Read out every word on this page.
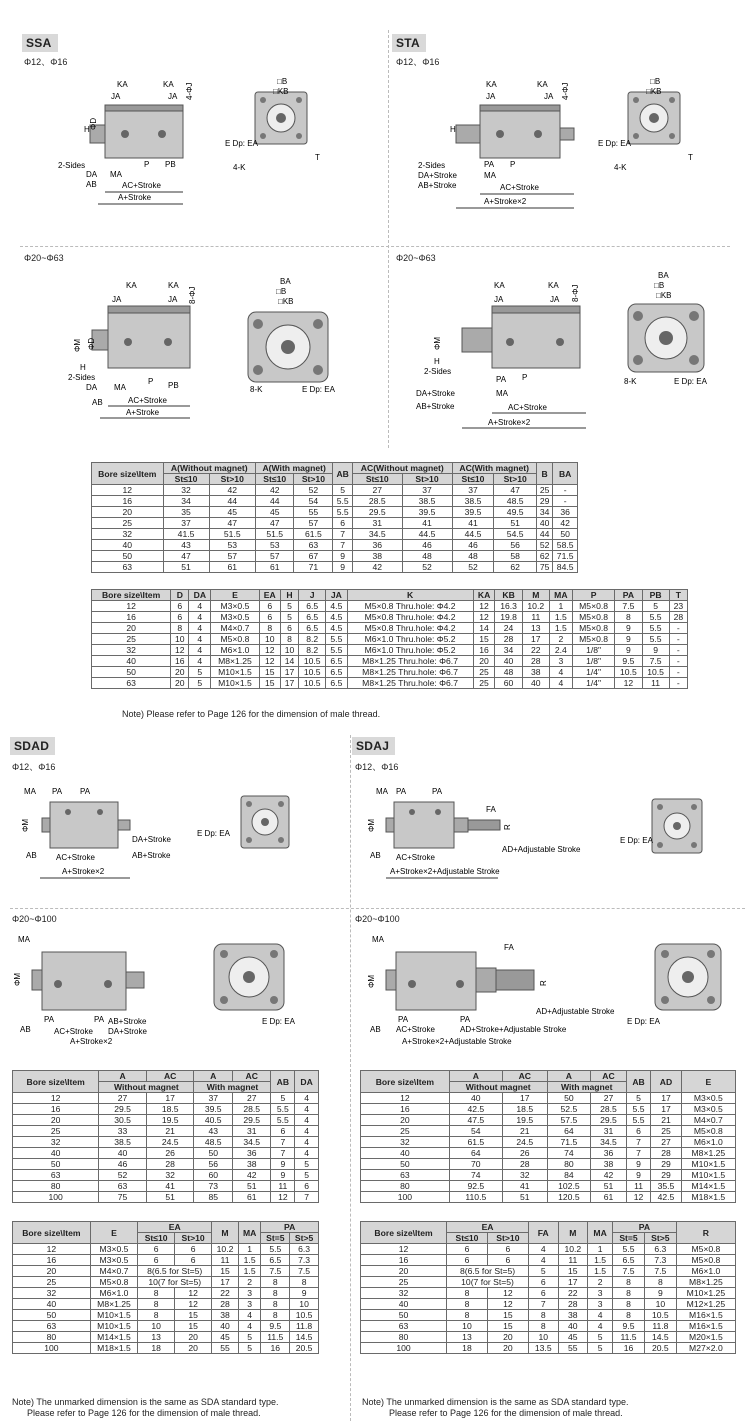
SSA	STA
Φ12、Φ16	Φ12、Φ16
Φ20~Φ63	Φ20~Φ63
KA
JA
KA
JA 4-ΦJ
H ΦD
2-Sides
DA MA
AB
P PB
AC+Stroke
A+Stroke
□B
□KB
E Dp: EA
4-K
T
KA
JA
KA
JA 4-ΦJ
H
2-Sides
DA+Stroke
AB+Stroke
PA P
MA
AC+Stroke
A+Stroke×2
□B
□KB
E Dp: EA
4-K
T
KA
JA
KA
JA 8-ΦJ
ΦM ΦD
H
2-Sides
DA MA
AB
P PB
AC+Stroke
A+Stroke
BA
□B
□KB
8-K	E Dp: EA
KA
JA
KA
JA 8-ΦJ
ΦM
H
2-Sides
DA+Stroke
AB+Stroke
PA P
MA
AC+Stroke
A+Stroke×2
BA
□B
□KB
8-K	E Dp: EA
Bore size\Item	A(Without magnet)		A(With magnet)		AB	AC(Without magnet)		AC(With magnet)		B	BA
	St≤10	St>10	St≤10	St>10		St≤10	St>10	St≤10	St>10		
12	32	42	42	52	5	27	37	37	47	25	-
16	34	44	44	54	5.5	28.5	38.5	38.5	48.5	29	-
20	35	45	45	55	5.5	29.5	39.5	39.5	49.5	34	36
25	37	47	47	57	6	31	41	41	51	40	42
32	41.5	51.5	51.5	61.5	7	34.5	44.5	44.5	54.5	44	50
40	43	53	53	63	7	36	46	46	56	52	58.5
50	47	57	57	67	9	38	48	48	58	62	71.5
63	51	61	61	71	9	42	52	52	62	75	84.5
Bore size\Item	D	DA	E	EA	H	J	JA	K	KA	KB	M	MA	P	PA	PB	T
12	6	4	M3×0.5	6	5	6.5	4.5	M5×0.8 Thru.hole: Φ4.2	12	16.3	10.2	1	M5×0.8	7.5	5	23
16	6	4	M3×0.5	6	5	6.5	4.5	M5×0.8 Thru.hole: Φ4.2	12	19.8	11	1.5	M5×0.8	8	5.5	28
20	8	4	M4×0.7	8	6	6.5	4.5	M5×0.8 Thru.hole: Φ4.2	14	24	13	1.5	M5×0.8	9	5.5	-
25	10	4	M5×0.8	10	8	8.2	5.5	M6×1.0 Thru.hole: Φ5.2	15	28	17	2	M5×0.8	9	5.5	-
32	12	4	M6×1.0	12	10	8.2	5.5	M6×1.0 Thru.hole: Φ5.2	16	34	22	2.4	1/8"	9	9	-
40	16	4	M8×1.25	12	14	10.5	6.5	M8×1.25 Thru.hole: Φ6.7	20	40	28	3	1/8"	9.5	7.5	-
50	20	5	M10×1.5	15	17	10.5	6.5	M8×1.25 Thru.hole: Φ6.7	25	48	38	4	1/4"	10.5	10.5	-
63	20	5	M10×1.5	15	17	10.5	6.5	M8×1.25 Thru.hole: Φ6.7	25	60	40	4	1/4"	12	11	-
Note) Please refer to Page 126 for the dimension of male thread.
SDAD	SDAJ
Φ12、Φ16	Φ12、Φ16
Φ20~Φ100	Φ20~Φ100
MA PA PA
ΦM
DA+Stroke
AB+Stroke
AB AC+Stroke
A+Stroke×2
E Dp: EA
MA PA	PA
FA
R
ΦM
AB AC+Stroke
AD+Adjustable Stroke
A+Stroke×2+Adjustable Stroke
E Dp: EA
MA
ΦM
PA	PA
AB	AC+Stroke
AB+Stroke
DA+Stroke
A+Stroke×2
E Dp: EA
MA
FA
R
ΦM
PA	PA
AD+Adjustable Stroke
AB AC+Stroke	AD+Stroke+Adjustable Stroke
A+Stroke×2+Adjustable Stroke
E Dp: EA
Bore size\Item	A	AC	A	AC	AB	DA
	Without magnet		With magnet			
12	27	17	37	27	5	4
16	29.5	18.5	39.5	28.5	5.5	4
20	30.5	19.5	40.5	29.5	5.5	4
25	33	21	43	31	6	4
32	38.5	24.5	48.5	34.5	7	4
40	40	26	50	36	7	4
50	46	28	56	38	9	5
63	52	32	60	42	9	5
80	63	41	73	51	11	6
100	75	51	85	61	12	7
Bore size\Item	E	EA		M	MA	PA	
		St≤10	St>10			St=5	St>5
12	M3×0.5	6	6	10.2	1	5.5	6.3
16	M3×0.5	6	6	11	1.5	6.5	7.3
20	M4×0.7	8(6.5 for St=5)		15	1.5	7.5	7.5
25	M5×0.8	10(7 for St=5)		17	2	8	8
32	M6×1.0	8	12	22	3	8	9
40	M8×1.25	8	12	28	3	8	10
50	M10×1.5	8	15	38	4	8	10.5
63	M10×1.5	10	15	40	4	9.5	11.8
80	M14×1.5	13	20	45	5	11.5	14.5
100	M18×1.5	18	20	55	5	16	20.5
Note) The unmarked dimension is the same as SDA standard type.
Please refer to Page 126 for the dimension of male thread.
Bore size\Item	A	AC	A	AC	AB	AD	E
	Without magnet		With magnet				
12	40	17	50	27	5	17	M3×0.5
16	42.5	18.5	52.5	28.5	5.5	17	M3×0.5
20	47.5	19.5	57.5	29.5	5.5	21	M4×0.7
25	54	21	64	31	6	25	M5×0.8
32	61.5	24.5	71.5	34.5	7	27	M6×1.0
40	64	26	74	36	7	28	M8×1.25
50	70	28	80	38	9	29	M10×1.5
63	74	32	84	42	9	29	M10×1.5
80	92.5	41	102.5	51	11	35.5	M14×1.5
100	110.5	51	120.5	61	12	42.5	M18×1.5
Bore size\Item	EA		FA	M	MA	PA		R
	St≤10	St>10				St=5	St>5	
12	6	6	4	10.2	1	5.5	6.3	M5×0.8
16	6	6	4	11	1.5	6.5	7.3	M5×0.8
20	8(6.5 for St=5)		5	15	1.5	7.5	7.5	M6×1.0
25	10(7 for St=5)		6	17	2	8	8	M8×1.25
32	8	12	6	22	3	8	9	M10×1.25
40	8	12	7	28	3	8	10	M12×1.25
50	8	15	8	38	4	8	10.5	M16×1.5
63	10	15	8	40	4	9.5	11.8	M16×1.5
80	13	20	10	45	5	11.5	14.5	M20×1.5
100	18	20	13.5	55	5	16	20.5	M27×2.0
Note) The unmarked dimension is the same as SDA standard type.
Please refer to Page 126 for the dimension of male thread.
